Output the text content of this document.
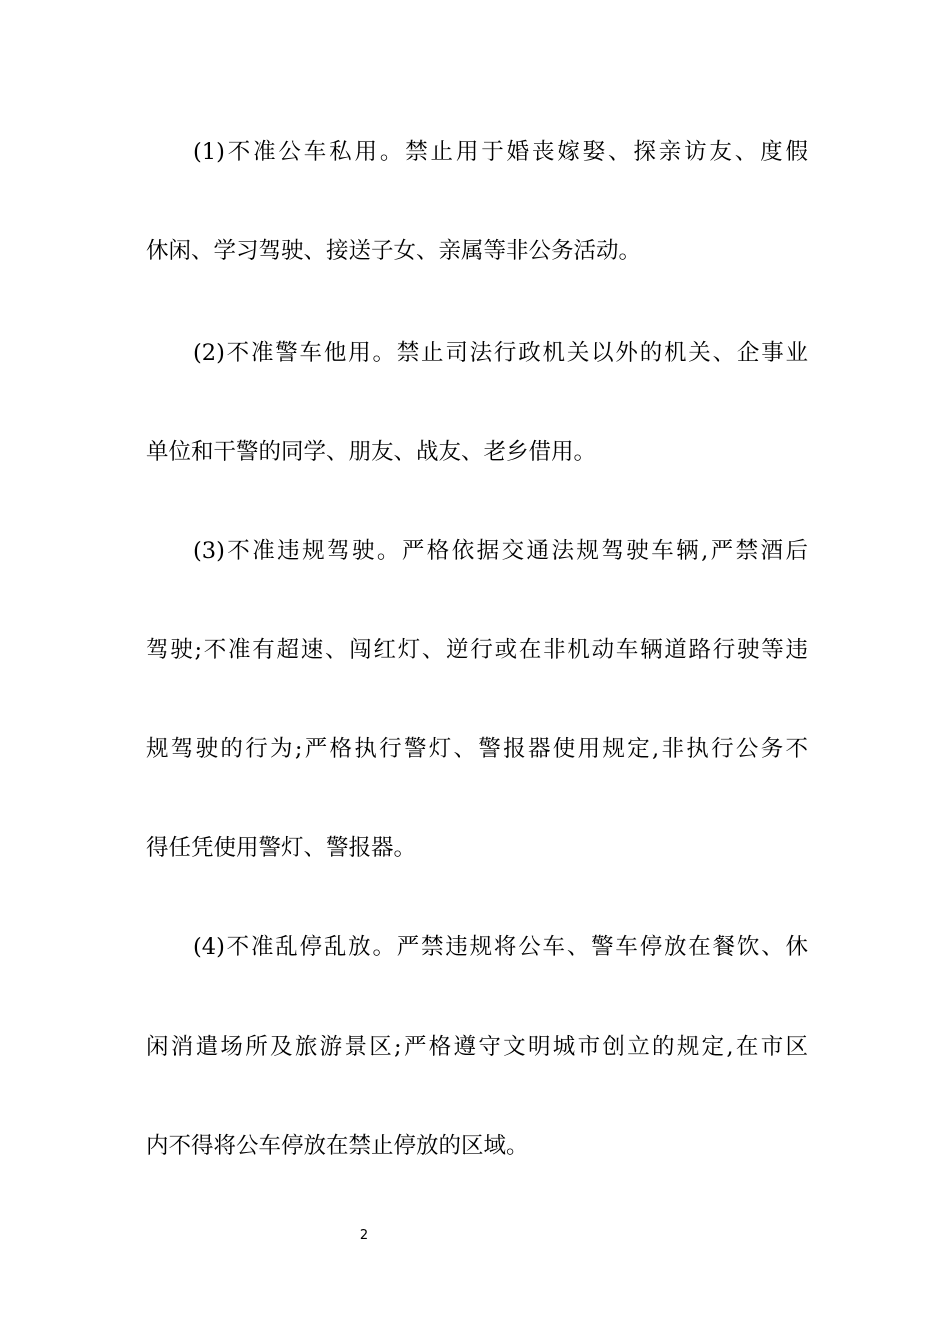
(1)不准公车私用。禁止用于婚丧嫁娶、探亲访友、度假
休闲、学习驾驶、接送子女、亲属等非公务活动。
(2)不准警车他用。禁止司法行政机关以外的机关、企事业
单位和干警的同学、朋友、战友、老乡借用。
(3)不准违规驾驶。严格依据交通法规驾驶车辆,严禁酒后
驾驶;不准有超速、闯红灯、逆行或在非机动车辆道路行驶等违
规驾驶的行为;严格执行警灯、警报器使用规定,非执行公务不
得任凭使用警灯、警报器。
(4)不准乱停乱放。严禁违规将公车、警车停放在餐饮、休
闲消遣场所及旅游景区;严格遵守文明城市创立的规定,在市区
内不得将公车停放在禁止停放的区域。
2
